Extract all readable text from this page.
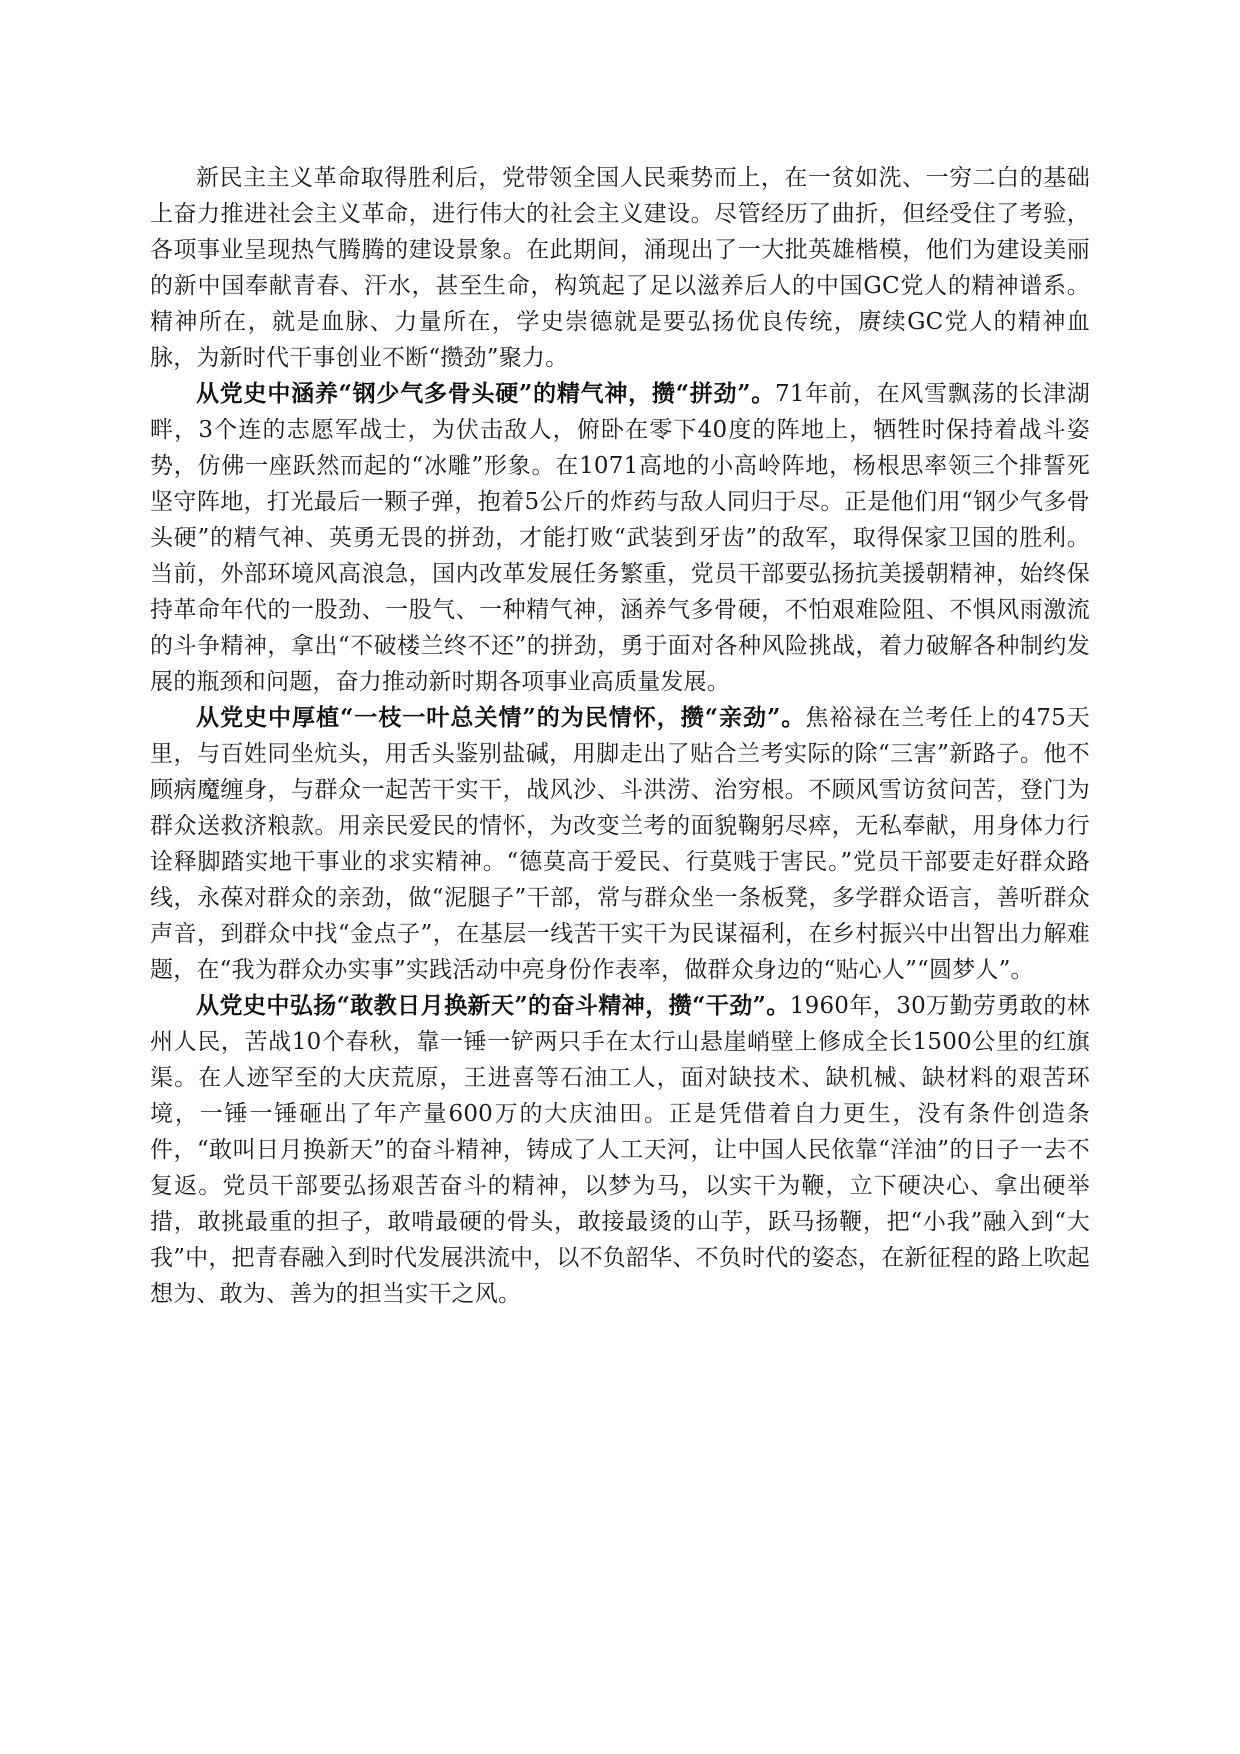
新民主主义革命取得胜利后，党带领全国人民乘势而上，在一贫如洗、一穷二白的基础上奋力推进社会主义革命，进行伟大的社会主义建设。尽管经历了曲折，但经受住了考验，各项事业呈现热气腾腾的建设景象。在此期间，涌现出了一大批英雄楷模，他们为建设美丽的新中国奉献青春、汗水，甚至生命，构筑起了足以滋养后人的中国GC党人的精神谱系。精神所在，就是血脉、力量所在，学史崇德就是要弘扬优良传统，赓续GC党人的精神血脉，为新时代干事创业不断“攒劲”聚力。

从党史中涵养“钢少气多骨头硬”的精气神，攒“拼劲”。71年前，在风雪飘荡的长津湖畔，3个连的志愿军战士，为伏击敌人，俯卧在零下40度的阵地上，牺牲时保持着战斗姿势，仿佛一座跃然而起的“冰雕”形象。在1071高地的小高岭阵地，杨根思率领三个排誓死坚守阵地，打光最后一颗子弹，抱着5公斤的炸药与敌人同归于尽。正是他们用“钢少气多骨头硬”的精气神、英勇无畏的拼劲，才能打败“武装到牙齿”的敌军，取得保家卫国的胜利。当前，外部环境风高浪急，国内改革发展任务繁重，党员干部要弘扬抗美援朝精神，始终保持革命年代的一股劲、一股气、一种精气神，涵养气多骨硬，不怕艰难险阻、不惧风雨激流的斗争精神，拿出“不破楼兰终不还”的拼劲，勇于面对各种风险挑战，着力破解各种制约发展的瓶颈和问题，奋力推动新时期各项事业高质量发展。

从党史中厚植“一枝一叶总关情”的为民情怀，攒“亲劲”。焦裕禄在兰考任上的475天里，与百姓同坐炕头，用舌头鉴别盐碱，用脚走出了贴合兰考实际的除“三害”新路子。他不顾病魔缠身，与群众一起苦干实干，战风沙、斗洪涝、治穷根。不顾风雪访贫问苦，登门为群众送救济粮款。用亲民爱民的情怀，为改变兰考的面貌鞠躬尽瘁，无私奉献，用身体力行诠释脚踏实地干事业的求实精神。“德莫高于爱民、行莫贱于害民。”党员干部要走好群众路线，永葆对群众的亲劲，做“泥腿子”干部，常与群众坐一条板凳，多学群众语言，善听群众声音，到群众中找“金点子”，在基层一线苦干实干为民谋福利，在乡村振兴中出智出力解难题，在“我为群众办实事”实践活动中亮身份作表率，做群众身边的“贴心人”“圆梦人”。

从党史中弘扬“敢教日月换新天”的奋斗精神，攒“干劲”。1960年，30万勤劳勇敢的林州人民，苦战10个春秋，靠一锤一铲两只手在太行山悬崖峭壁上修成全长1500公里的红旗渠。在人迹罕至的大庆荒原，王进喜等石油工人，面对缺技术、缺机械、缺材料的艰苦环境，一锤一锤砸出了年产量600万的大庆油田。正是凭借着自力更生，没有条件创造条件，“敢叫日月换新天”的奋斗精神，铸成了人工天河，让中国人民依靠“洋油”的日子一去不复返。党员干部要弘扬艰苦奋斗的精神，以梦为马，以实干为鞭，立下硬决心、拿出硬举措，敢挑最重的担子，敢啃最硬的骨头，敢接最烫的山芋，跃马扬鞭，把“小我”融入到“大我”中，把青春融入到时代发展洪流中，以不负韶华、不负时代的姿态，在新征程的路上吹起想为、敢为、善为的担当实干之风。
